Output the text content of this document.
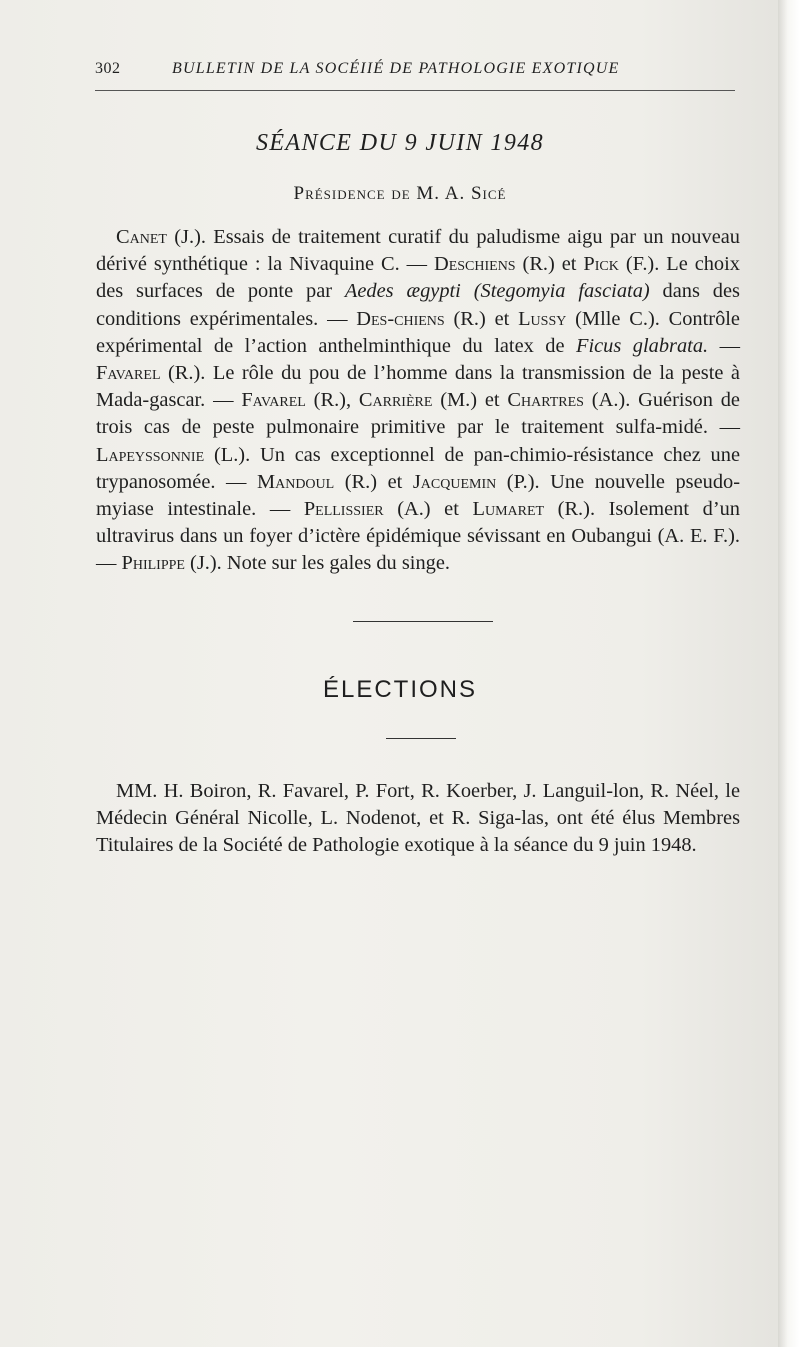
302	BULLETIN DE LA SOCÉIIÉ DE PATHOLOGIE EXOTIQUE
SÉANCE DU 9 JUIN 1948
Présidence de M. A. Sicé

Canet (J.). Essais de traitement curatif du paludisme aigu par un nouveau dérivé synthétique : la Nivaquine C. — Deschiens (R.) et Pick (F.). Le choix des surfaces de ponte par Aedes ægypti (Stegomyia fasciata) dans des conditions expérimentales. — Des-chiens (R.) et Lussy (Mlle C.). Contrôle expérimental de l’action anthelminthique du latex de Ficus glabrata. — Favarel (R.). Le rôle du pou de l’homme dans la transmission de la peste à Mada-gascar. — Favarel (R.), Carrière (M.) et Chartres (A.). Guérison de trois cas de peste pulmonaire primitive par le traitement sulfa-midé. — Lapeyssonnie (L.). Un cas exceptionnel de pan-chimio-résistance chez une trypanosomée. — Mandoul (R.) et Jacquemin (P.). Une nouvelle pseudo-myiase intestinale. — Pellissier (A.) et Lumaret (R.). Isolement d’un ultravirus dans un foyer d’ictère épidémique sévissant en Oubangui (A. E. F.). — Philippe (J.). Note sur les gales du singe.

ÉLECTIONS

MM. H. Boiron, R. Favarel, P. Fort, R. Koerber, J. Languil-lon, R. Néel, le Médecin Général Nicolle, L. Nodenot, et R. Siga-las, ont été élus Membres Titulaires de la Société de Pathologie exotique à la séance du 9 juin 1948.
